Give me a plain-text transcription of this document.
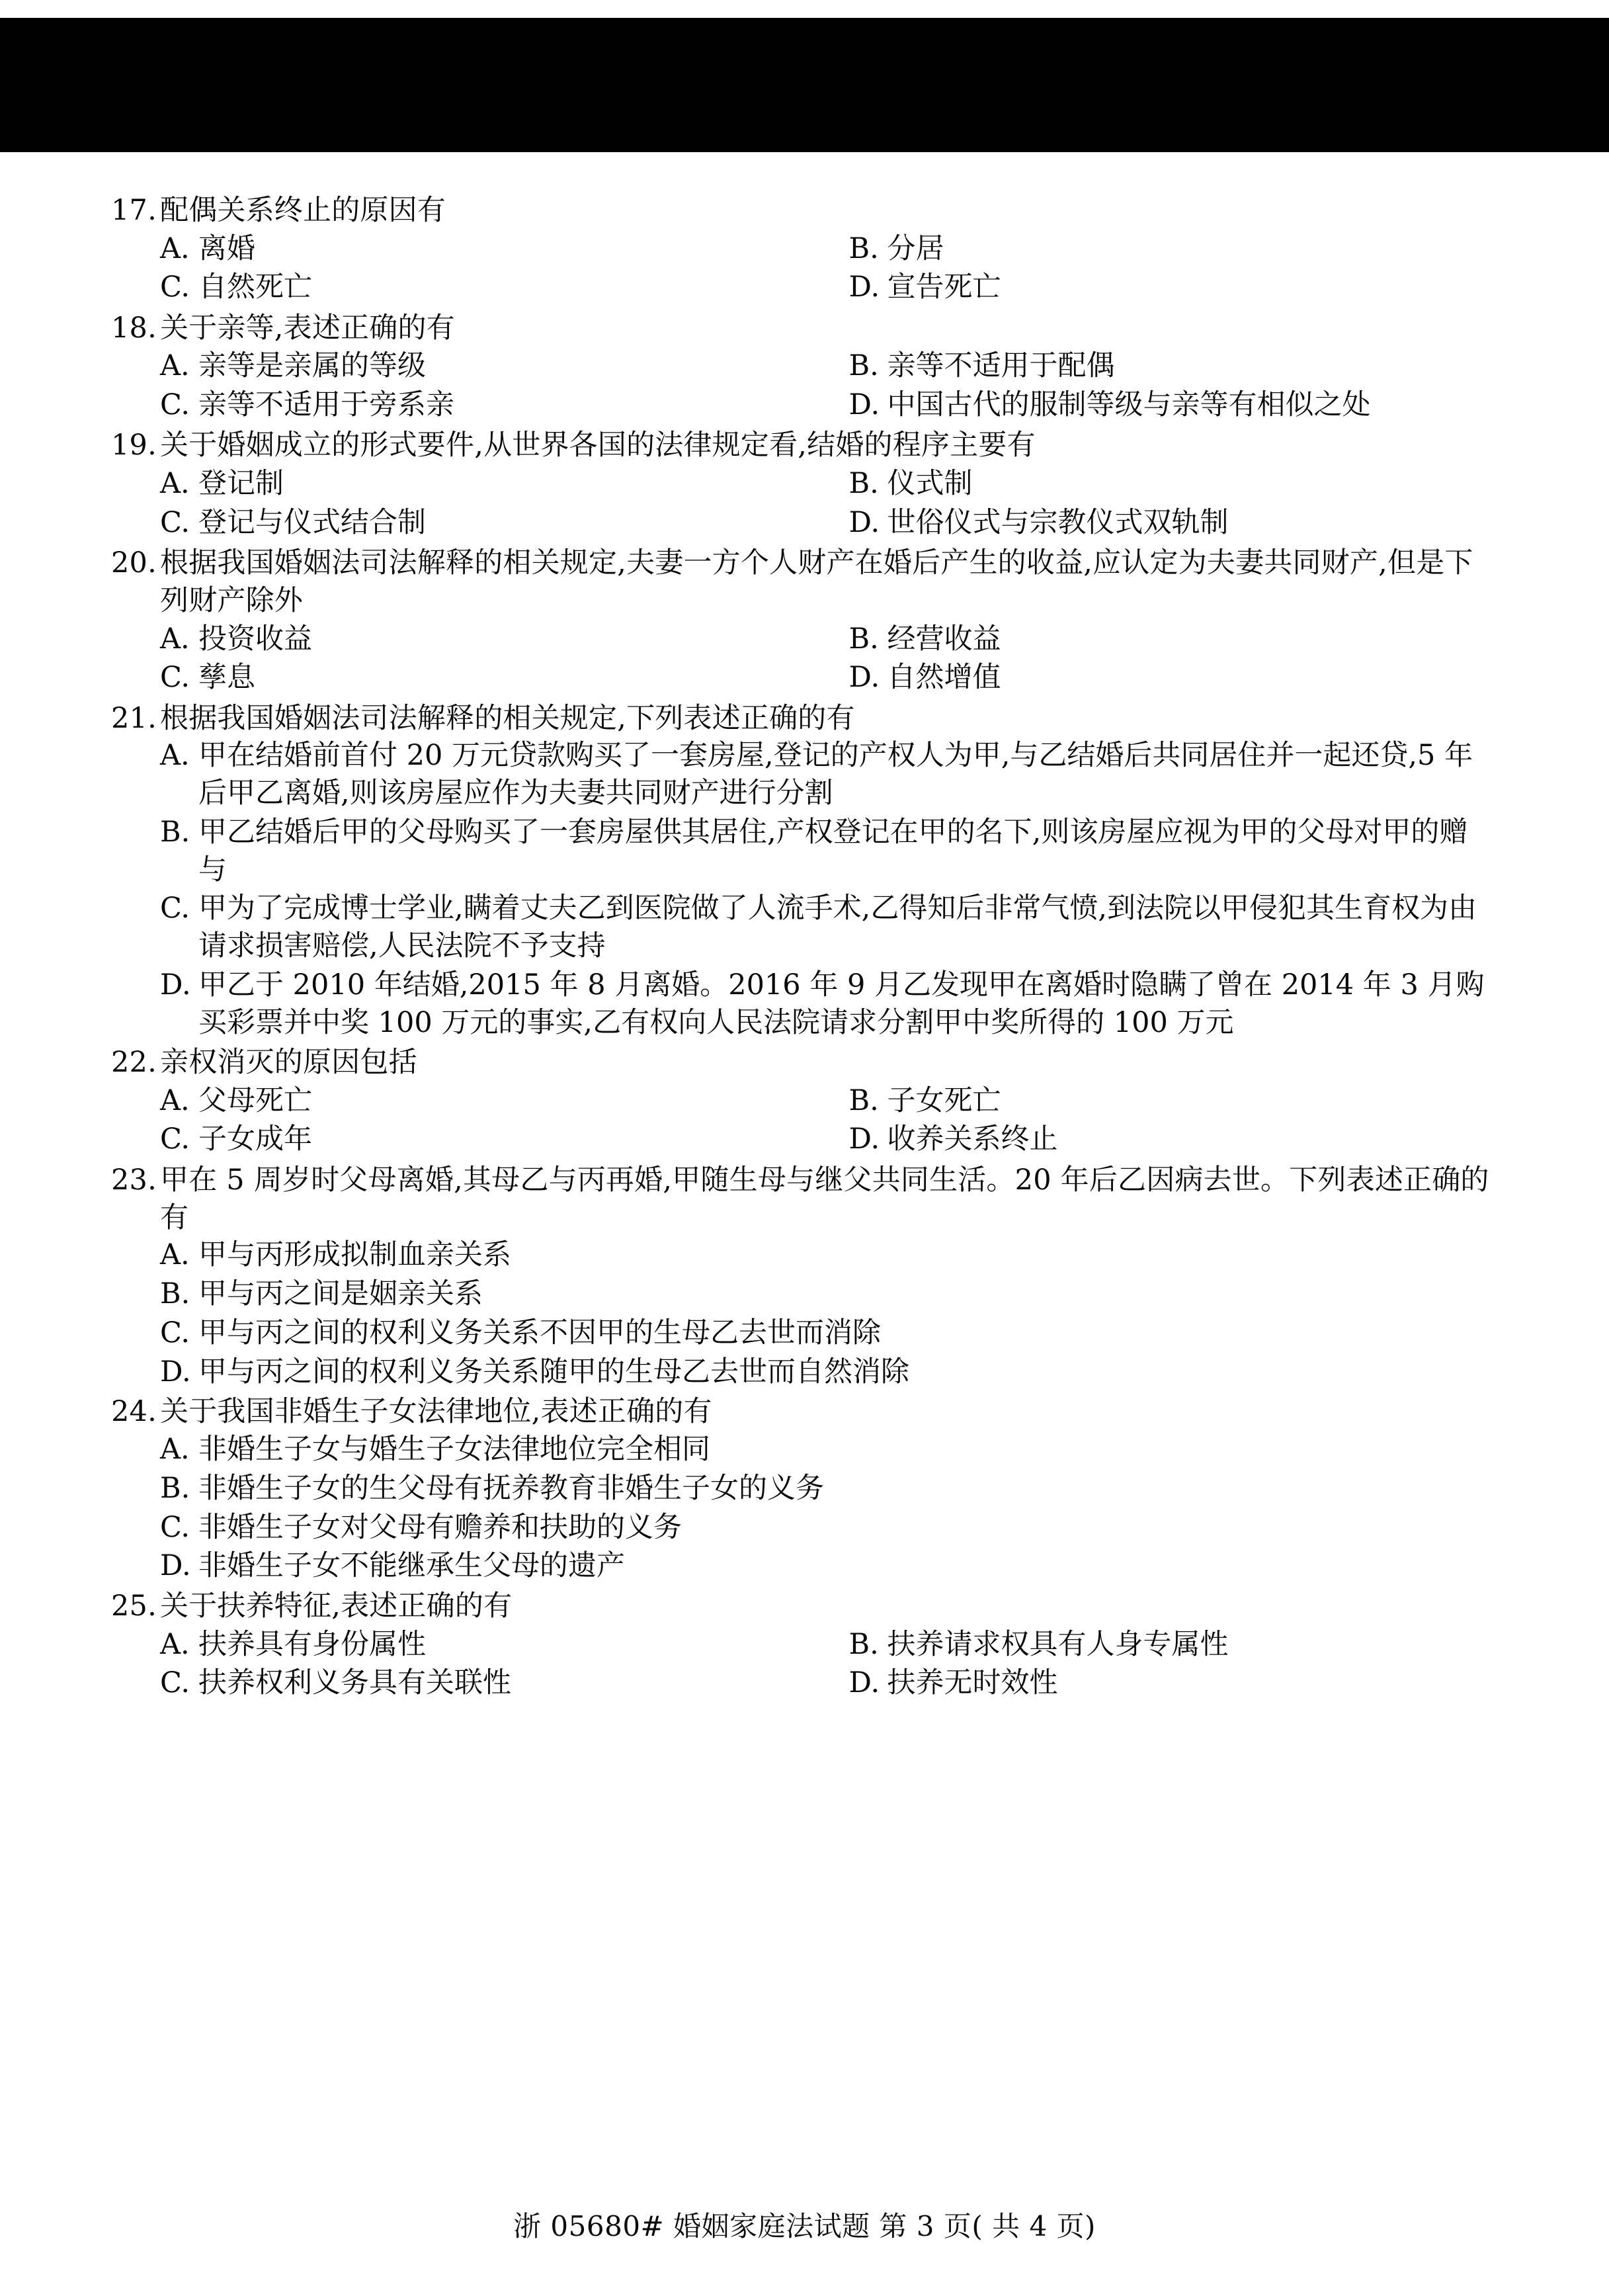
17. 配偶关系终止的原因有
A. 离婚	B. 分居
C. 自然死亡	D. 宣告死亡
18. 关于亲等,表述正确的有
A. 亲等是亲属的等级	B. 亲等不适用于配偶
C. 亲等不适用于旁系亲	D. 中国古代的服制等级与亲等有相似之处
19. 关于婚姻成立的形式要件,从世界各国的法律规定看,结婚的程序主要有
A. 登记制	B. 仪式制
C. 登记与仪式结合制	D. 世俗仪式与宗教仪式双轨制
20. 根据我国婚姻法司法解释的相关规定,夫妻一方个人财产在婚后产生的收益,应认定为夫妻共同财产,但是下列财产除外
A. 投资收益	B. 经营收益
C. 孳息	D. 自然增值
21. 根据我国婚姻法司法解释的相关规定,下列表述正确的有
A. 甲在结婚前首付 20 万元贷款购买了一套房屋,登记的产权人为甲,与乙结婚后共同居住并一起还贷,5 年后甲乙离婚,则该房屋应作为夫妻共同财产进行分割
B. 甲乙结婚后甲的父母购买了一套房屋供其居住,产权登记在甲的名下,则该房屋应视为甲的父母对甲的赠与
C. 甲为了完成博士学业,瞒着丈夫乙到医院做了人流手术,乙得知后非常气愤,到法院以甲侵犯其生育权为由请求损害赔偿,人民法院不予支持
D. 甲乙于 2010 年结婚,2015 年 8 月离婚。2016 年 9 月乙发现甲在离婚时隐瞒了曾在 2014 年 3 月购买彩票并中奖 100 万元的事实,乙有权向人民法院请求分割甲中奖所得的 100 万元
22. 亲权消灭的原因包括
A. 父母死亡	B. 子女死亡
C. 子女成年	D. 收养关系终止
23. 甲在 5 周岁时父母离婚,其母乙与丙再婚,甲随生母与继父共同生活。20 年后乙因病去世。下列表述正确的有
A. 甲与丙形成拟制血亲关系
B. 甲与丙之间是姻亲关系
C. 甲与丙之间的权利义务关系不因甲的生母乙去世而消除
D. 甲与丙之间的权利义务关系随甲的生母乙去世而自然消除
24. 关于我国非婚生子女法律地位,表述正确的有
A. 非婚生子女与婚生子女法律地位完全相同
B. 非婚生子女的生父母有抚养教育非婚生子女的义务
C. 非婚生子女对父母有赡养和扶助的义务
D. 非婚生子女不能继承生父母的遗产
25. 关于扶养特征,表述正确的有
A. 扶养具有身份属性	B. 扶养请求权具有人身专属性
C. 扶养权利义务具有关联性	D. 扶养无时效性
浙 05680# 婚姻家庭法试题 第 3 页( 共 4 页)
